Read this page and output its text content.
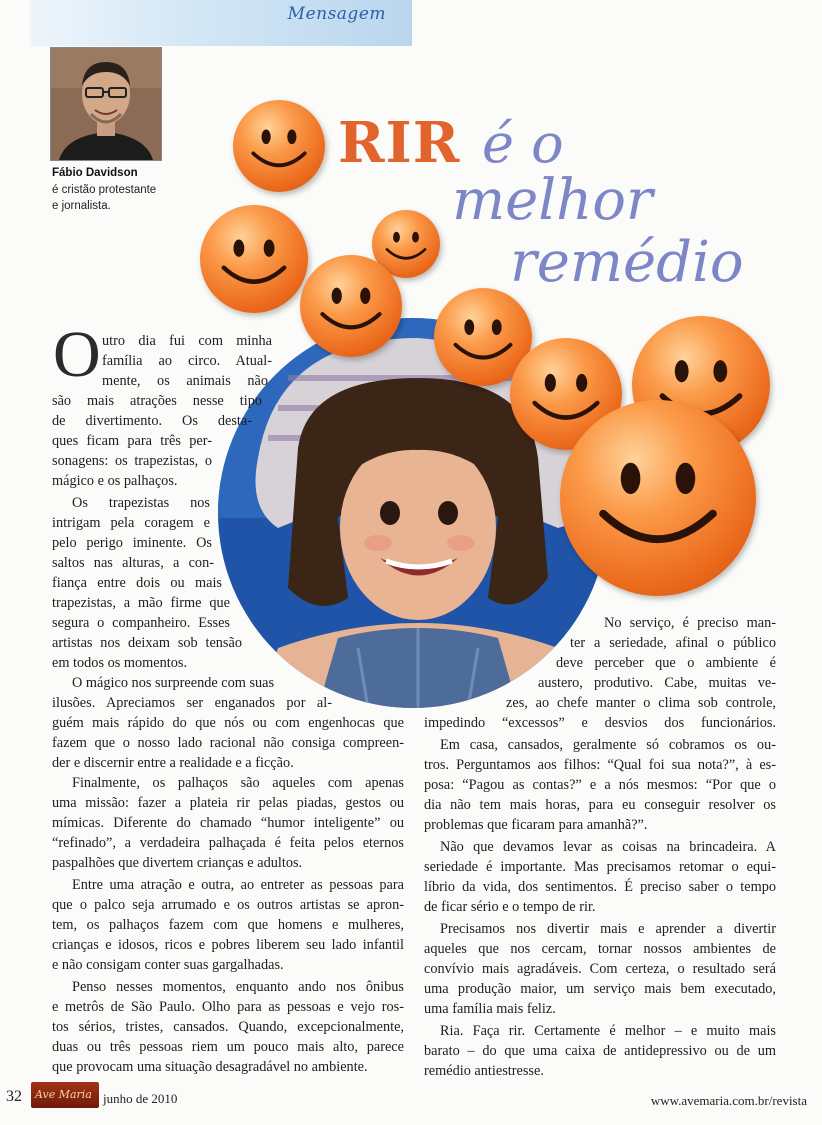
Mensagem
Fábio Davidson
é cristão protestante
e jornalista.
RIR é o
melhor
remédio
O utro dia fui com minha
família ao circo. Atual-
mente, os animais não
são mais atrações nesse tipo
de divertimento. Os desta-
ques ficam para três per-
sonagens: os trapezistas, o
mágico e os palhaços.
Os trapezistas nos
intrigam pela coragem e
pelo perigo iminente. Os
saltos nas alturas, a con-
fiança entre dois ou mais
trapezistas, a mão firme que
segura o companheiro. Esses
artistas nos deixam sob tensão
em todos os momentos.
O mágico nos surpreende com suas
ilusões. Apreciamos ser enganados por al-
guém mais rápido do que nós ou com engenhocas que
fazem que o nosso lado racional não consiga compreen-
der e discernir entre a realidade e a ficção.
Finalmente, os palhaços são aqueles com apenas
uma missão: fazer a plateia rir pelas piadas, gestos ou
mímicas. Diferente do chamado “humor inteligente” ou
“refinado”, a verdadeira palhaçada é feita pelos eternos
paspalhões que divertem crianças e adultos.
Entre uma atração e outra, ao entreter as pessoas para
que o palco seja arrumado e os outros artistas se apron-
tem, os palhaços fazem com que homens e mulheres,
crianças e idosos, ricos e pobres liberem seu lado infantil
e não consigam conter suas gargalhadas.
Penso nesses momentos, enquanto ando nos ônibus
e metrôs de São Paulo. Olho para as pessoas e vejo ros-
tos sérios, tristes, cansados. Quando, excepcionalmente,
duas ou três pessoas riem um pouco mais alto, parece
que provocam uma situação desagradável no ambiente.
No serviço, é preciso man-
ter a seriedade, afinal o público
deve perceber que o ambiente é
austero, produtivo. Cabe, muitas ve-
zes, ao chefe manter o clima sob controle,
impedindo “excessos” e desvios dos funcionários.
Em casa, cansados, geralmente só cobramos os ou-
tros. Perguntamos aos filhos: “Qual foi sua nota?”, à es-
posa: “Pagou as contas?” e a nós mesmos: “Por que o
dia não tem mais horas, para eu conseguir resolver os
problemas que ficaram para amanhã?”.
Não que devamos levar as coisas na brincadeira. A
seriedade é importante. Mas precisamos retomar o equi-
líbrio da vida, dos sentimentos. É preciso saber o tempo
de ficar sério e o tempo de rir.
Precisamos nos divertir mais e aprender a divertir
aqueles que nos cercam, tornar nossos ambientes de
convívio mais agradáveis. Com certeza, o resultado será
uma produção maior, um serviço mais bem executado,
uma família mais feliz.
Ria. Faça rir. Certamente é melhor – e muito mais
barato – do que uma caixa de antidepressivo ou de um
remédio antiestresse.
32 Ave Maria junho de 2010	www.avemaria.com.br/revista
